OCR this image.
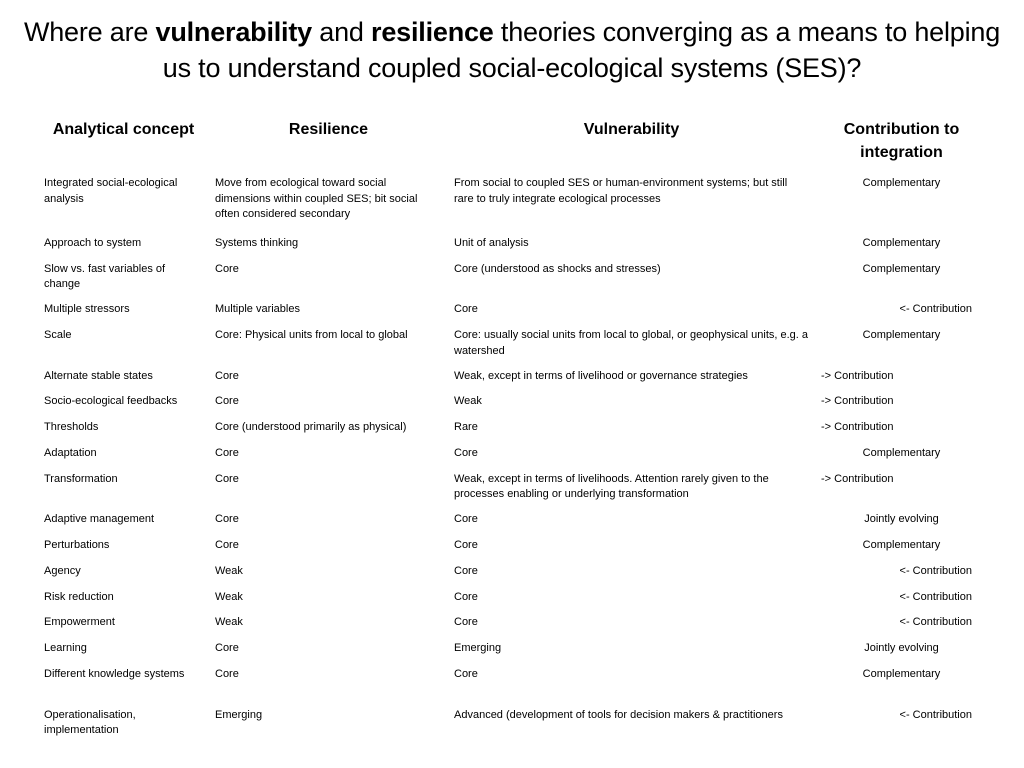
Where are vulnerability and resilience theories converging as a means to helping us to understand coupled social-ecological systems (SES)?
Analytical concept	Resilience	Vulnerability	Contribution to integration
Integrated social-ecological analysis	Move from ecological toward social dimensions within coupled SES; bit social often considered secondary	From social to coupled SES or human-environment systems; but still rare to truly integrate ecological processes	Complementary
Approach to system	Systems thinking	Unit of analysis	Complementary
Slow vs. fast variables of change	Core	Core (understood as shocks and stresses)	Complementary
Multiple stressors	Multiple variables	Core	<- Contribution
Scale	Core: Physical units from local to global	Core: usually social units from local to global, or geophysical units, e.g. a watershed	Complementary
Alternate stable states	Core	Weak, except in terms of livelihood or governance strategies	-> Contribution
Socio-ecological feedbacks	Core	Weak	-> Contribution
Thresholds	Core (understood primarily as physical)	Rare	-> Contribution
Adaptation	Core	Core	Complementary
Transformation	Core	Weak, except in terms of livelihoods. Attention rarely given to the processes enabling or underlying transformation	-> Contribution
Adaptive management	Core	Core	Jointly evolving
Perturbations	Core	Core	Complementary
Agency	Weak	Core	<- Contribution
Risk reduction	Weak	Core	<- Contribution
Empowerment	Weak	Core	<- Contribution
Learning	Core	Emerging	Jointly evolving
Different knowledge systems	Core	Core	Complementary
Operationalisation, implementation	Emerging	Advanced (development of tools for decision makers & practitioners	<- Contribution
